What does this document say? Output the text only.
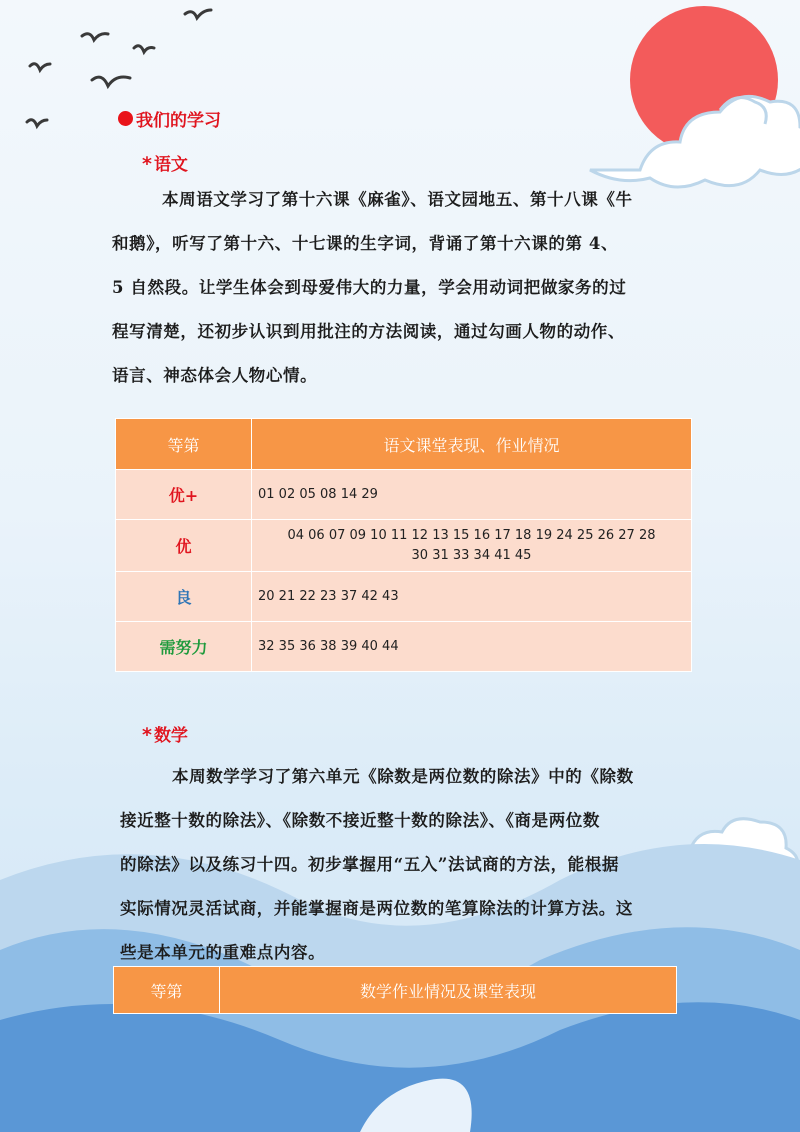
我们的学习
* 语文

本周语文学习了第十六课《麻雀》、语文园地五、第十八课《牛

和鹅》，听写了第十六、十七课的生字词，背诵了第十六课的第 4、

5 自然段。让学生体会到母爱伟大的力量，学会用动词把做家务的过

程写清楚，还初步认识到用批注的方法阅读，通过勾画人物的动作、

语言、神态体会人物心情。

等第	语文课堂表现、作业情况
优+	01 02 05 08 14 29
优	04 06 07 09 10 11 12 13 15 16 17 18 19 24 25 26 27 28
30 31 33 34 41 45

良	20 21 22 23 37 42 43
需努力	32 35 36 38 39 40 44
* 数学

本周数学学习了第六单元《除数是两位数的除法》中的《除数

接近整十数的除法》、《除数不接近整十数的除法》、《商是两位数

的除法》以及练习十四。初步掌握用“五入”法试商的方法，能根据

实际情况灵活试商，并能掌握商是两位数的笔算除法的计算方法。这

些是本单元的重难点内容。

等第	数学作业情况及课堂表现
